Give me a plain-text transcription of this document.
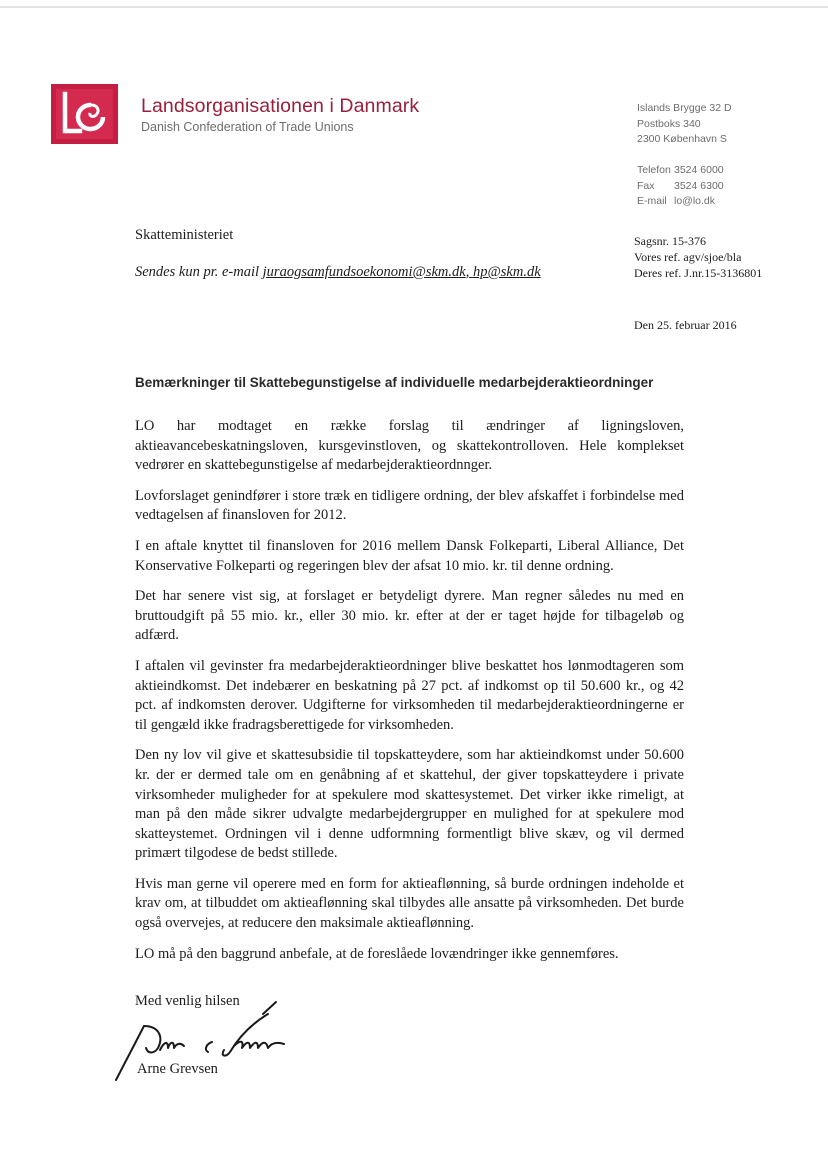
Landsorganisationen i Danmark
Danish Confederation of Trade Unions
Islands Brygge 32 D
Postboks 340
2300 København S
Telefon 3524 6000
Fax 3524 6300
E-mail lo@lo.dk
Skatteministeriet
Sendes kun pr. e-mail juraogsamfundsoekonomi@skm.dk, hp@skm.dk
Sagsnr. 15-376
Vores ref. agv/sjoe/bla
Deres ref. J.nr.15-3136801
Den 25. februar 2016
Bemærkninger til Skattebegunstigelse af individuelle medarbejderaktieordninger

LO har modtaget en række forslag til ændringer af ligningsloven, aktieavancebeskatningsloven, kursgevinstloven, og skattekontrolloven. Hele komplekset vedrører en skattebegunstigelse af medarbejderaktieordnnger.

Lovforslaget genindfører i store træk en tidligere ordning, der blev afskaffet i forbindelse med vedtagelsen af finansloven for 2012.

I en aftale knyttet til finansloven for 2016 mellem Dansk Folkeparti, Liberal Alliance, Det Konservative Folkeparti og regeringen blev der afsat 10 mio. kr. til denne ordning.

Det har senere vist sig, at forslaget er betydeligt dyrere. Man regner således nu med en bruttoudgift på 55 mio. kr., eller 30 mio. kr. efter at der er taget højde for tilbageløb og adfærd.

I aftalen vil gevinster fra medarbejderaktieordninger blive beskattet hos lønmodtageren som aktieindkomst. Det indebærer en beskatning på 27 pct. af indkomst op til 50.600 kr., og 42 pct. af indkomsten derover. Udgifterne for virksomheden til medarbejderaktieordningerne er til gengæld ikke fradragsberettigede for virksomheden.

Den ny lov vil give et skattesubsidie til topskatteydere, som har aktieindkomst under 50.600 kr. der er dermed tale om en genåbning af et skattehul, der giver topskatteydere i private virksomheder muligheder for at spekulere mod skattesystemet. Det virker ikke rimeligt, at man på den måde sikrer udvalgte medarbejdergrupper en mulighed for at spekulere mod skatteystemet. Ordningen vil i denne udformning formentligt blive skæv, og vil dermed primært tilgodese de bedst stillede.

Hvis man gerne vil operere med en form for aktieaflønning, så burde ordningen indeholde et krav om, at tilbuddet om aktieaflønning skal tilbydes alle ansatte på virksomheden. Det burde også overvejes, at reducere den maksimale aktieaflønning.

LO må på den baggrund anbefale, at de foreslåede lovændringer ikke gennemføres.

Med venlig hilsen
Arne Grevsen
